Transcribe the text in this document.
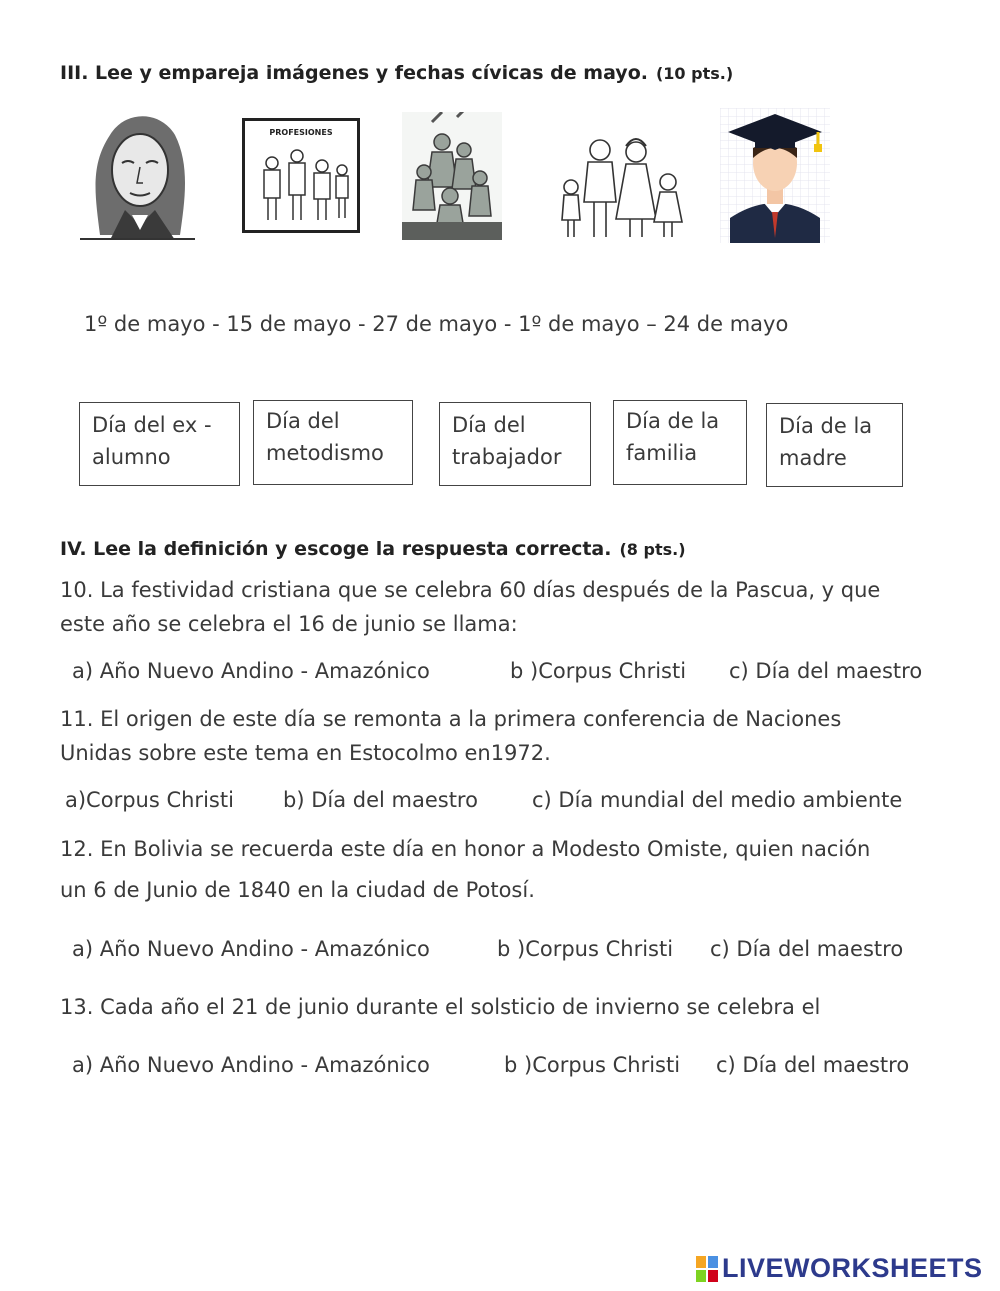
III. Lee y empareja imágenes y fechas cívicas de mayo. (10 pts.)
PROFESIONES
1º de mayo - 15 de mayo - 27 de mayo - 1º de mayo – 24 de mayo
Día del ex -
alumno
Día del
metodismo
Día del
trabajador
Día de la
familia
Día de la
madre
IV. Lee la definición y escoge la respuesta correcta. (8 pts.)
10. La festividad cristiana que se celebra 60 días después de la Pascua, y que
este año se celebra el 16 de junio se llama:
a) Año Nuevo Andino - Amazónico	b )Corpus Christi c) Día del maestro
11. El origen de este día se remonta a la primera conferencia de Naciones
Unidas sobre este tema en Estocolmo en1972.
a)Corpus Christi b) Día del maestro	c) Día mundial del medio ambiente
12. En Bolivia se recuerda este día en honor a Modesto Omiste, quien nación
un 6 de Junio de 1840 en la ciudad de Potosí.
a) Año Nuevo Andino - Amazónico	b )Corpus Christi c) Día del maestro
13. Cada año el 21 de junio durante el solsticio de invierno se celebra el
a) Año Nuevo Andino - Amazónico	b )Corpus Christi c) Día del maestro
LIVEWORKSHEETS
